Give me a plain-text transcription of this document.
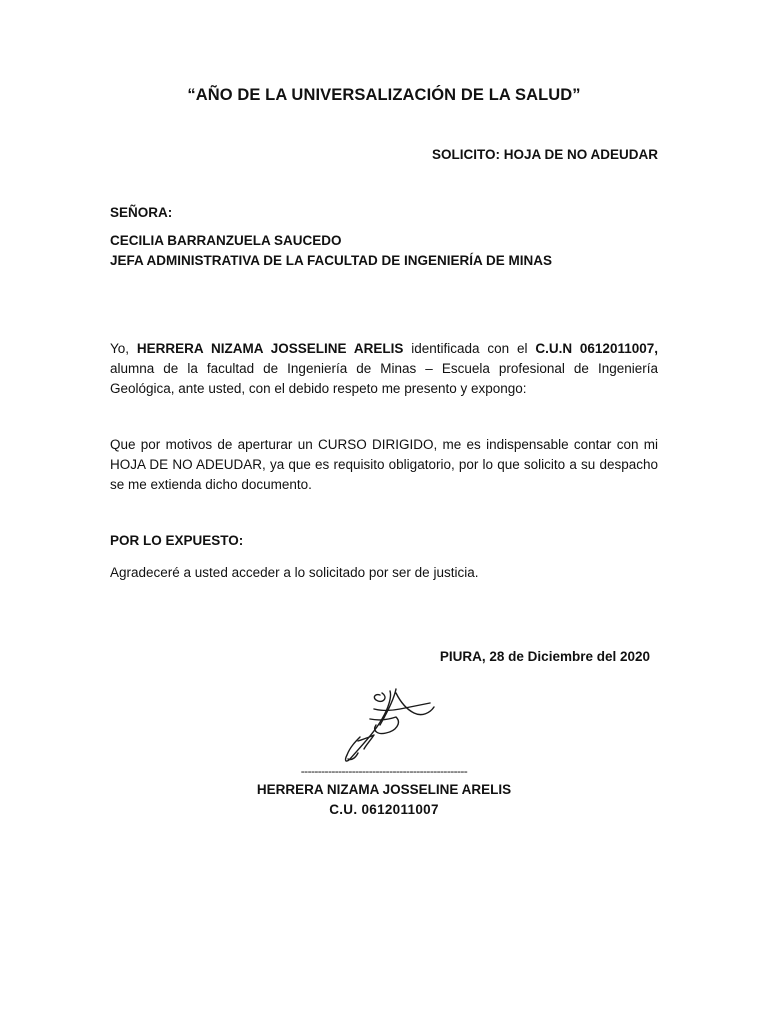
“AÑO DE LA UNIVERSALIZACIÓN DE LA SALUD”

SOLICITO: HOJA DE NO ADEUDAR

SEÑORA:

CECILIA BARRANZUELA SAUCEDO

JEFA ADMINISTRATIVA DE LA FACULTAD DE INGENIERÍA DE MINAS

Yo, HERRERA NIZAMA JOSSELINE ARELIS identificada con el C.U.N 0612011007, alumna de la facultad de Ingeniería de Minas – Escuela profesional de Ingeniería Geológica, ante usted, con el debido respeto me presento y expongo:

Que por motivos de aperturar un CURSO DIRIGIDO, me es indispensable contar con mi HOJA DE NO ADEUDAR, ya que es requisito obligatorio, por lo que solicito a su despacho se me extienda dicho documento.

POR LO EXPUESTO:

Agradeceré a usted acceder a lo solicitado por ser de justicia.

PIURA, 28 de Diciembre del 2020

-------------------------------------------------

HERRERA NIZAMA JOSSELINE ARELIS

C.U. 0612011007
